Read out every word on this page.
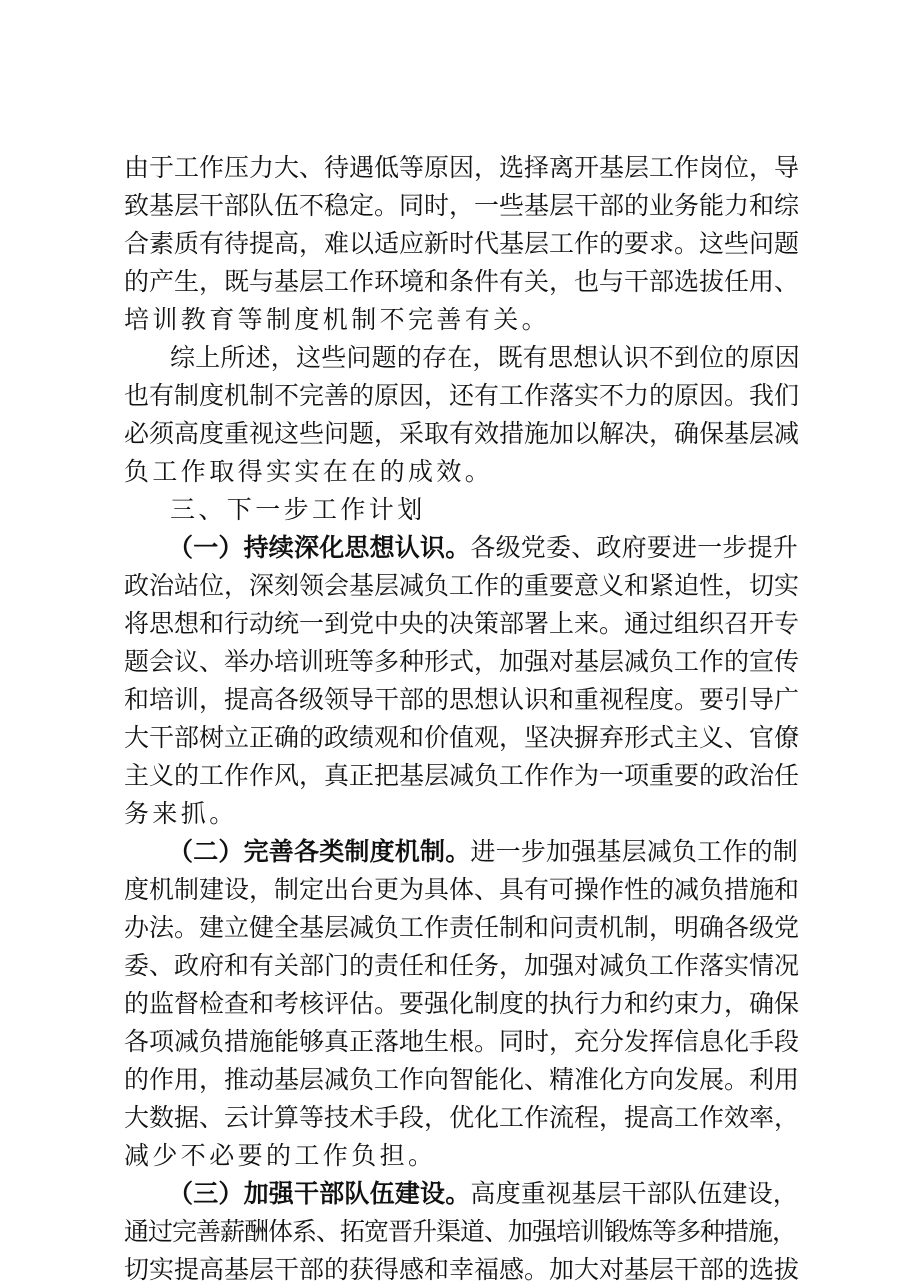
由于工作压力大、待遇低等原因，选择离开基层工作岗位，导
致基层干部队伍不稳定。同时，一些基层干部的业务能力和综
合素质有待提高，难以适应新时代基层工作的要求。这些问题
的产生，既与基层工作环境和条件有关，也与干部选拔任用、
培训教育等制度机制不完善有关。
综上所述，这些问题的存在，既有思想认识不到位的原因
也有制度机制不完善的原因，还有工作落实不力的原因。我们
必须高度重视这些问题，采取有效措施加以解决，确保基层减
负工作取得实实在在的成效。
三、下一步工作计划
（一）持续深化思想认识。各级党委、政府要进一步提升
政治站位，深刻领会基层减负工作的重要意义和紧迫性，切实
将思想和行动统一到党中央的决策部署上来。通过组织召开专
题会议、举办培训班等多种形式，加强对基层减负工作的宣传
和培训，提高各级领导干部的思想认识和重视程度。要引导广
大干部树立正确的政绩观和价值观，坚决摒弃形式主义、官僚
主义的工作作风，真正把基层减负工作作为一项重要的政治任
务来抓。
（二）完善各类制度机制。进一步加强基层减负工作的制
度机制建设，制定出台更为具体、具有可操作性的减负措施和
办法。建立健全基层减负工作责任制和问责机制，明确各级党
委、政府和有关部门的责任和任务，加强对减负工作落实情况
的监督检查和考核评估。要强化制度的执行力和约束力，确保
各项减负措施能够真正落地生根。同时，充分发挥信息化手段
的作用，推动基层减负工作向智能化、精准化方向发展。利用
大数据、云计算等技术手段，优化工作流程，提高工作效率，
减少不必要的工作负担。
（三）加强干部队伍建设。高度重视基层干部队伍建设，
通过完善薪酬体系、拓宽晋升渠道、加强培训锻炼等多种措施，
切实提高基层干部的获得感和幸福感。加大对基层干部的选拔
